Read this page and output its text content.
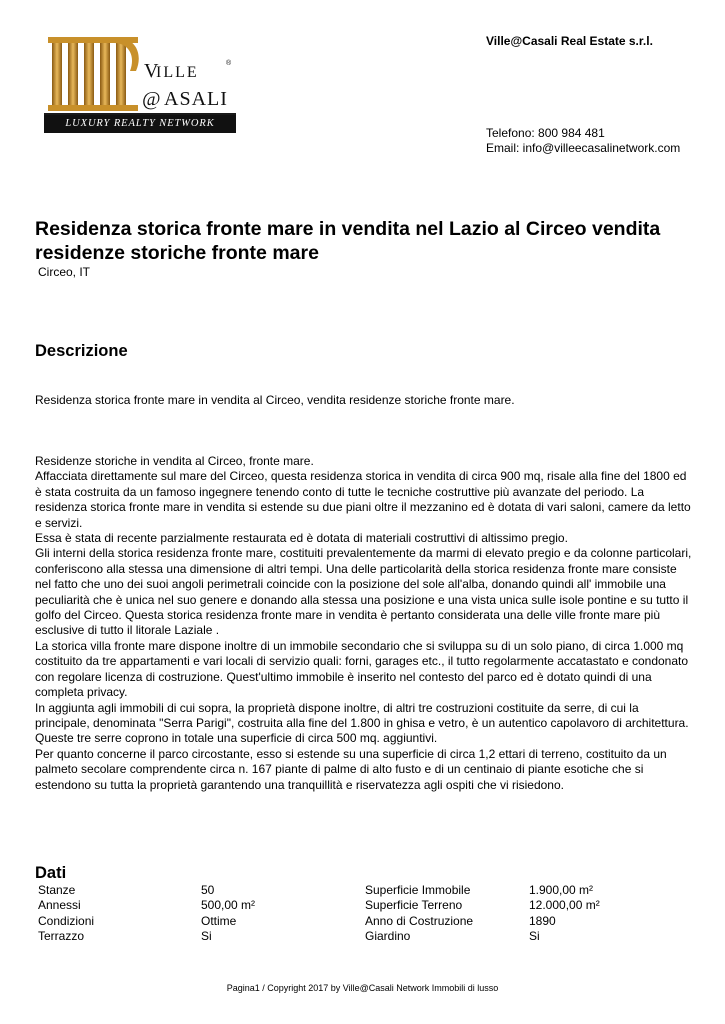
V
ILLE
®
@ ASALI
LUXURY REALTY NETWORK
Ville@Casali Real Estate s.r.l.
Telefono: 800 984 481
Email: info@villeecasalinetwork.com
Residenza storica fronte mare in vendita nel Lazio al Circeo vendita residenze storiche fronte mare
Circeo, IT
Descrizione
Residenza storica fronte mare in vendita al Circeo, vendita residenze storiche fronte mare.

Residenze storiche in vendita al Circeo, fronte mare.

Affacciata direttamente sul mare del Circeo, questa residenza storica in vendita di circa 900 mq, risale alla fine del 1800 ed è stata costruita da un famoso ingegnere tenendo conto di tutte le tecniche costruttive più avanzate del periodo. La residenza storica fronte mare in vendita si estende su due piani oltre il mezzanino ed è dotata di vari saloni, camere da letto e servizi.

Essa è stata di recente parzialmente restaurata ed è dotata di materiali costruttivi di altissimo pregio.

Gli interni della storica residenza fronte mare, costituiti prevalentemente da marmi di elevato pregio e da colonne particolari, conferiscono alla stessa una dimensione di altri tempi. Una delle particolarità della storica residenza fronte mare consiste nel fatto che uno dei suoi angoli perimetrali coincide con la posizione del sole all'alba, donando quindi all' immobile una peculiarità che è unica nel suo genere e donando alla stessa una posizione e una vista unica sulle isole pontine e su tutto il golfo del Circeo. Questa storica residenza fronte mare in vendita è pertanto considerata una delle ville fronte mare più esclusive di tutto il litorale Laziale .

La storica villa fronte mare dispone inoltre di un immobile secondario che si sviluppa su di un solo piano, di circa 1.000 mq costituito da tre appartamenti e vari locali di servizio quali: forni, garages etc., il tutto regolarmente accatastato e condonato con regolare licenza di costruzione. Quest'ultimo immobile è inserito nel contesto del parco ed è dotato quindi di una completa privacy.

In aggiunta agli immobili di cui sopra, la proprietà dispone inoltre, di altri tre costruzioni costituite da serre, di cui la principale, denominata "Serra Parigi", costruita alla fine del 1.800 in ghisa e vetro, è un autentico capolavoro di architettura. Queste tre serre coprono in totale una superficie di circa 500 mq. aggiuntivi.

Per quanto concerne il parco circostante, esso si estende su una superficie di circa 1,2 ettari di terreno, costituito da un palmeto secolare comprendente circa n. 167 piante di palme di alto fusto e di un centinaio di piante esotiche che si estendono su tutta la proprietà garantendo una tranquillità e riservatezza agli ospiti che vi risiedono.

Dati
Stanze	50	Superficie Immobile	1.900,00 m²
Annessi	500,00 m²	Superficie Terreno	12.000,00 m²
Condizioni	Ottime	Anno di Costruzione	1890
Terrazzo	Si	Giardino	Si
Pagina1 / Copyright 2017 by Ville@Casali Network Immobili di lusso
